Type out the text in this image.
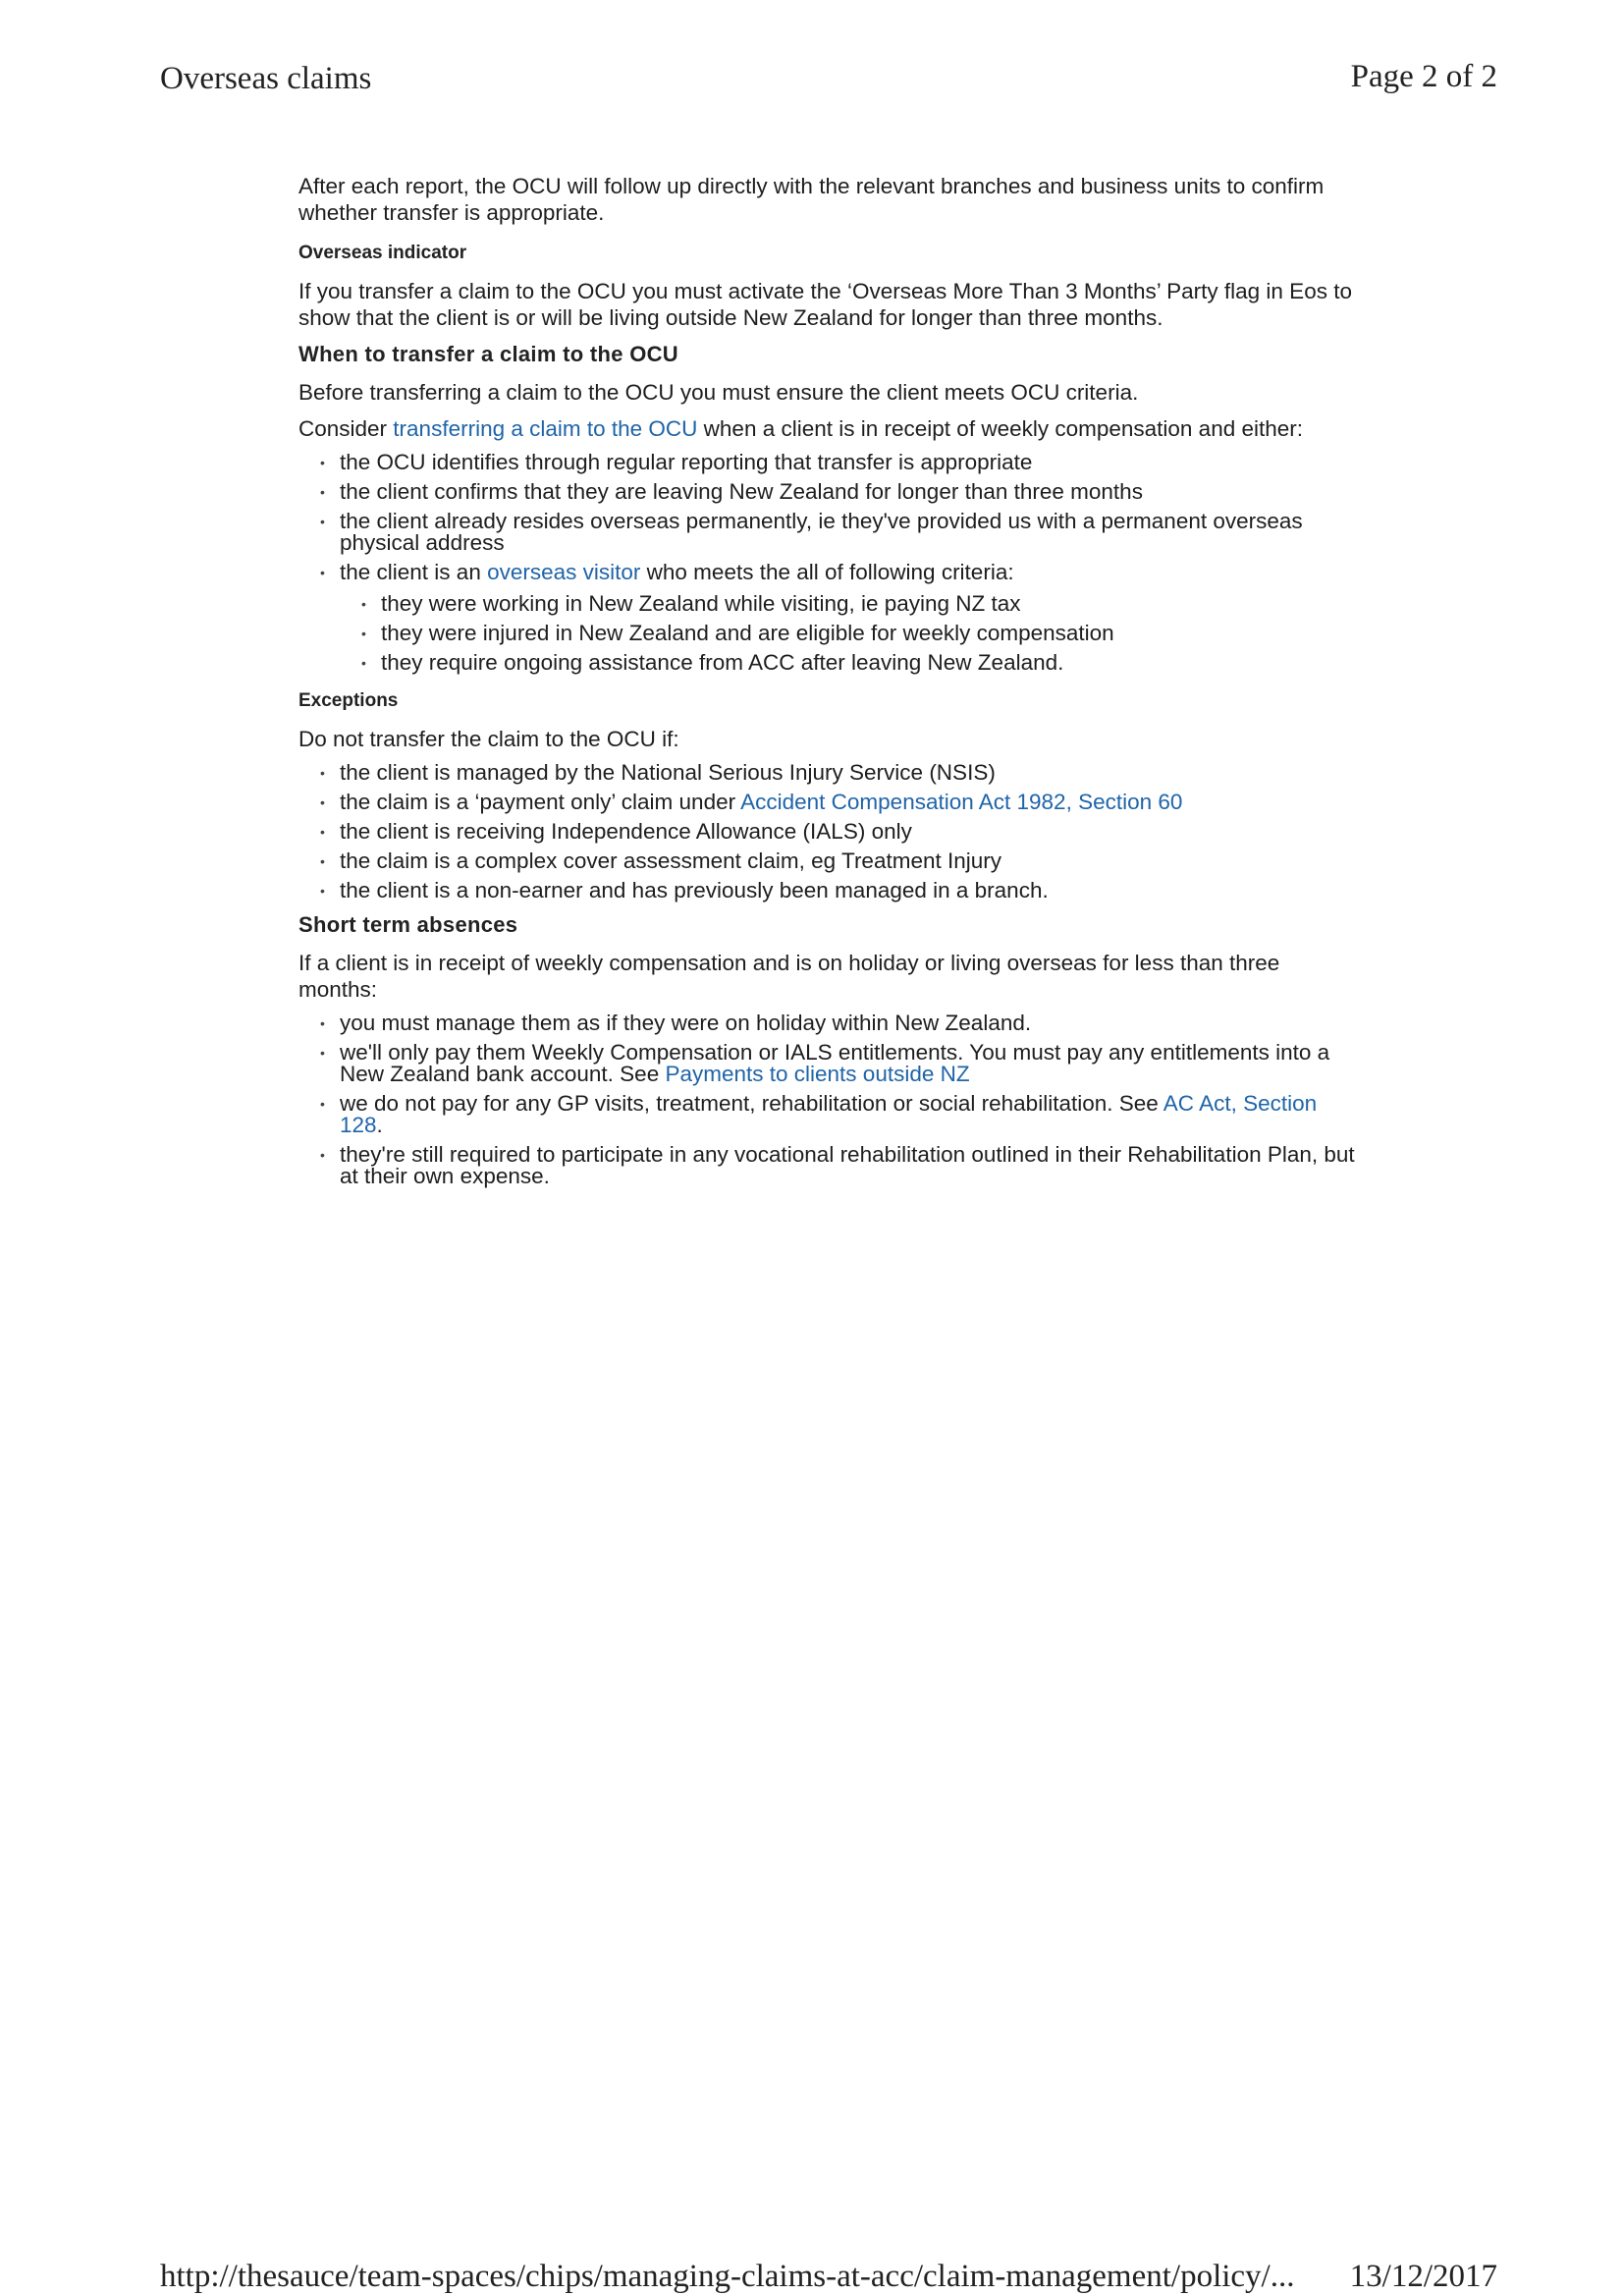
Overseas claims	Page 2 of 2

After each report, the OCU will follow up directly with the relevant branches and business units to confirm whether transfer is appropriate.

Overseas indicator

If you transfer a claim to the OCU you must activate the ‘Overseas More Than 3 Months’ Party flag in Eos to show that the client is or will be living outside New Zealand for longer than three months.

When to transfer a claim to the OCU

Before transferring a claim to the OCU you must ensure the client meets OCU criteria.

Consider transferring a claim to the OCU when a client is in receipt of weekly compensation and either:

• the OCU identifies through regular reporting that transfer is appropriate
• the client confirms that they are leaving New Zealand for longer than three months
• the client already resides overseas permanently, ie they've provided us with a permanent overseas physical address
• the client is an overseas visitor who meets the all of following criteria:
• they were working in New Zealand while visiting, ie paying NZ tax
• they were injured in New Zealand and are eligible for weekly compensation
• they require ongoing assistance from ACC after leaving New Zealand.
Exceptions

Do not transfer the claim to the OCU if:

• the client is managed by the National Serious Injury Service (NSIS)
• the claim is a ‘payment only’ claim under Accident Compensation Act 1982, Section 60
• the client is receiving Independence Allowance (IALS) only
• the claim is a complex cover assessment claim, eg Treatment Injury
• the client is a non-earner and has previously been managed in a branch.
Short term absences

If a client is in receipt of weekly compensation and is on holiday or living overseas for less than three months:

• you must manage them as if they were on holiday within New Zealand.
• we'll only pay them Weekly Compensation or IALS entitlements. You must pay any entitlements into a New Zealand bank account. See Payments to clients outside NZ
• we do not pay for any GP visits, treatment, rehabilitation or social rehabilitation. See AC Act, Section 128.
• they're still required to participate in any vocational rehabilitation outlined in their Rehabilitation Plan, but at their own expense.
http://thesauce/team-spaces/chips/managing-claims-at-acc/claim-management/policy/... 13/12/2017
